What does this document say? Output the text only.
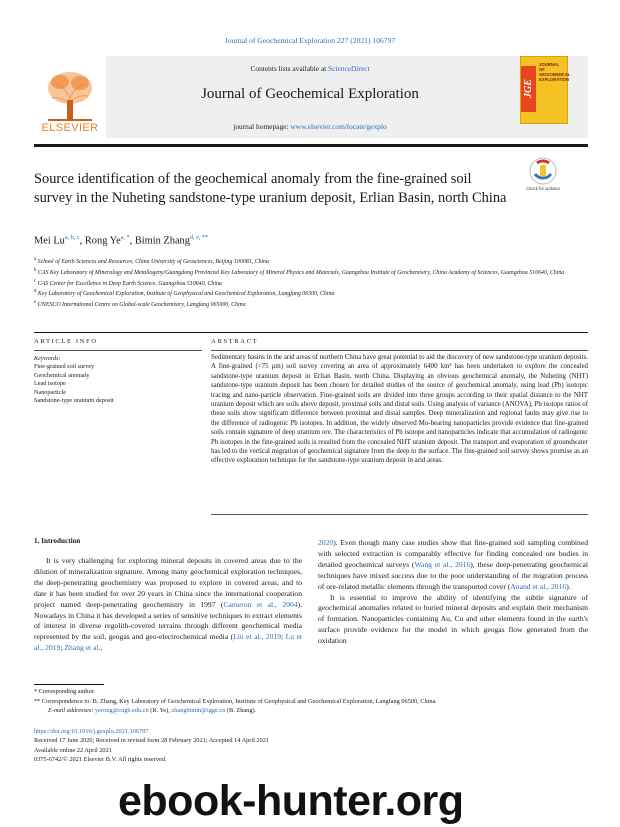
Journal of Geochemical Exploration 227 (2021) 106797
ELSEVIER
Contents lists available at ScienceDirect
Journal of Geochemical Exploration
journal homepage: www.elsevier.com/locate/gexplo
JGE
JOURNAL OF GEOCHEMICAL EXPLORATION
Source identification of the geochemical anomaly from the fine-grained soil survey in the Nuheting sandstone-type uranium deposit, Erlian Basin, north China
Check for updates
Mei Lu$^{a, b, c}$, Rong $Ye^{a, *}$, Bimin Zhang$^{d, e, **}$
$^a$ School of Earth Sciences and Resources, China University of Geosciences, Beijing 100083, China
$^b$ CAS Key Laboratory of Mineralogy and Metallogeny/Guangdong Provincial Key Laboratory of Mineral Physics and Materials, Guangzhou Institute of Geochemistry, China Academy of Sciences, Guangzhou 510640, China
$^c$ CAS Center for Excellence in Deep Earth Science, Guangzhou 510640, China
$^d$ Key Laboratory of Geochemical Exploration, Institute of Geophysical and Geochemical Exploration, Langfang 06500, China
$^e$ UNESCO International Centre on Global-scale Geochemistry, Langfang 065000, China
ARTICLE INFO	ABSTRACT
Keywords:
Fine-grained soil survey
Geochemical anomaly
Lead isotope
Nanoparticle
Sandstone-type uranium deposit
Sedimentary basins in the arid areas of northern China have great potential to aid the discovery of new sandstone-type uranium deposits. A fine-grained (<75 μm) soil survey covering an area of approximately 6400 km² has been undertaken to explore the concealed sandstone-type uranium deposit in Erlian Basin, north China. Displaying an obvious geochemical anomaly, the Nuheting (NHT) sandstone-type uranium deposit has been chosen for detailed studies of the source of geochemical anomaly, using lead (Pb) isotopic tracing and nano-particle observation. Fine-grained soils are divided into three groups according to their spatial distance to the NHT uranium deposit which are soils above deposit, proximal soils and distal soils. Using analysis of variance (ANOVA), Pb isotope ratios of these soils show significant difference between proximal and distal samples. Deep mineralization and regional faults may give rise to the difference of radiogenic Pb isotopes. In addition, the widely observed Mo-bearing nanoparticles provide evidence that fine-grained soils contain signature of deep uranium ore. The characteristics of Pb isotope and nanoparticles indicate that accumulation of radiogenic Pb isotopes in the fine-grained soils is resulted from the concealed NHT uranium deposit. The transport and evaporation of groundwater has led to the vertical migration of geochemical signature from the deep to the surface. The fine-grained soil survey shows promise as an effective exploration technique for the sandstone-type uranium deposit in arid areas.
1. Introduction

It is very challenging for exploring mineral deposits in covered areas due to the dilution of mineralization signature. Among many geochemical exploration techniques, the deep-penetrating geochemistry was proposed to explore in covered areas, and to date it has been studied for over 20 years in China since the international cooperation project named deep-penetrating geochemistry in 1997 (Cameron et al., 2004). Nowadays in China it has developed a series of sensitive techniques to extract elements of interest in diverse regolith-covered terrains through different geochemical media represented by the soil, geogas and geo-electrochemical media (Liu et al., 2019; Lu et al., 2019; Zhang et al.,

2020). Even though many case studies show that fine-grained soil sampling combined with selected extraction is comparably effective for finding concealed ore bodies in detailed geochemical surveys (Wang et al., 2016), these deep-penetrating geochemical techniques have mixed success due to the poor understanding of the migration process of ore-related metallic elements through the transported cover (Anand et al., 2016).

It is essential to improve the ability of identifying the subtle signature of geochemical anomalies related to buried mineral deposits and explain their mechanism of formation. Nanoparticles containing Au, Cu and other elements found in the earth's surface provide evidence for the model in which geogas flow generated from the oxidation

* Corresponding author.
** Correspondence to: B. Zhang, Key Laboratory of Geochemical Exploration, Institute of Geophysical and Geochemical Exploration, Langfang 06500, China.
E-mail addresses: yerong@cugb.edu.cn (R. Ye), zhangbimin@igge.cn (B. Zhang).
https://doi.org/10.1016/j.gexplo.2021.106797
Received 17 June 2020; Received in revised form 28 February 2021; Accepted 14 April 2021
Available online 22 April 2021
0375-6742/© 2021 Elsevier B.V. All rights reserved.
ebook-hunter.org
